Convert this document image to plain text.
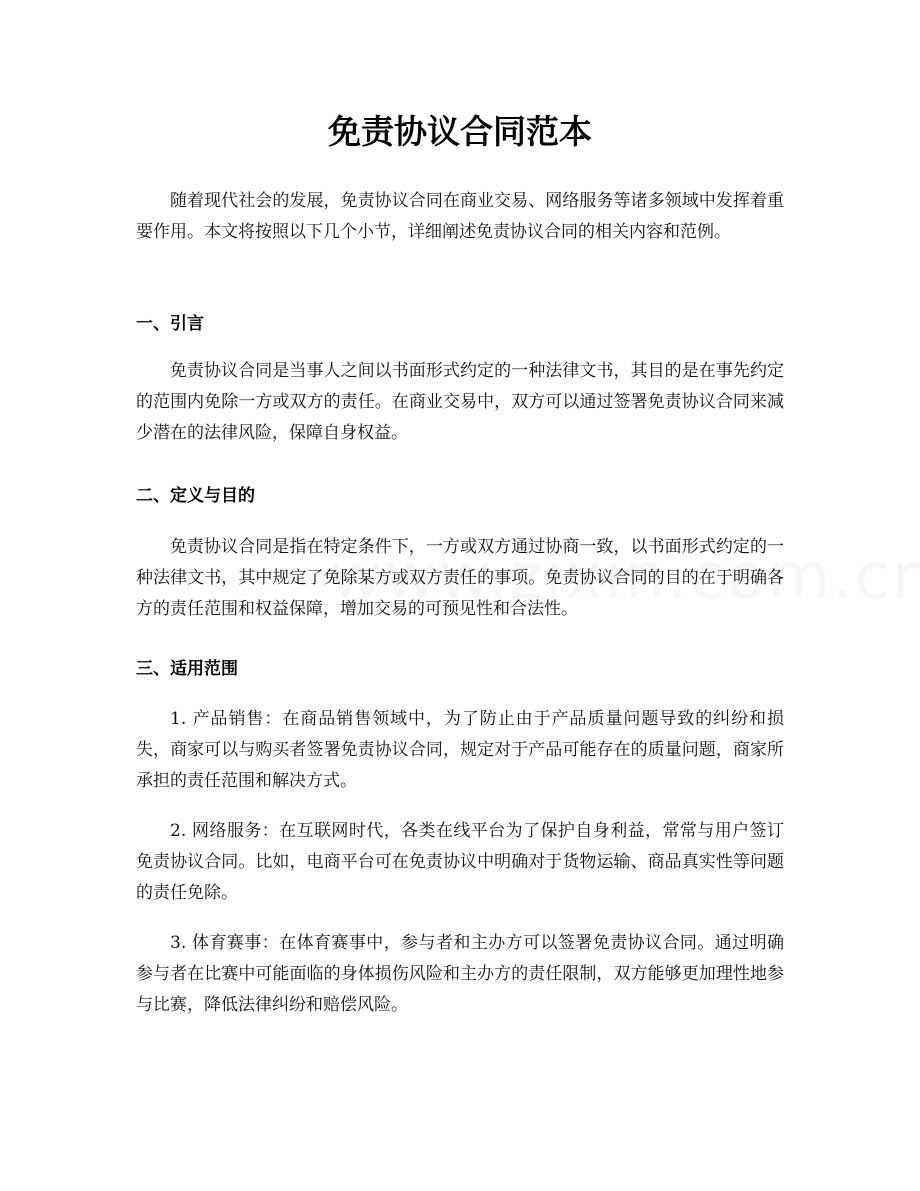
免责协议合同范本

随着现代社会的发展，免责协议合同在商业交易、网络服务等诸多领域中发挥着重要作用。本文将按照以下几个小节，详细阐述免责协议合同的相关内容和范例。

一、引言

免责协议合同是当事人之间以书面形式约定的一种法律文书，其目的是在事先约定的范围内免除一方或双方的责任。在商业交易中，双方可以通过签署免责协议合同来减少潜在的法律风险，保障自身权益。

二、定义与目的

免责协议合同是指在特定条件下，一方或双方通过协商一致，以书面形式约定的一种法律文书，其中规定了免除某方或双方责任的事项。免责协议合同的目的在于明确各方的责任范围和权益保障，增加交易的可预见性和合法性。

三、适用范围

1. 产品销售：在商品销售领域中，为了防止由于产品质量问题导致的纠纷和损失，商家可以与购买者签署免责协议合同，规定对于产品可能存在的质量问题，商家所承担的责任范围和解决方式。

2. 网络服务：在互联网时代，各类在线平台为了保护自身利益，常常与用户签订免责协议合同。比如，电商平台可在免责协议中明确对于货物运输、商品真实性等问题的责任免除。

3. 体育赛事：在体育赛事中，参与者和主办方可以签署免责协议合同。通过明确参与者在比赛中可能面临的身体损伤风险和主办方的责任限制，双方能够更加理性地参与比赛，降低法律纠纷和赔偿风险。
